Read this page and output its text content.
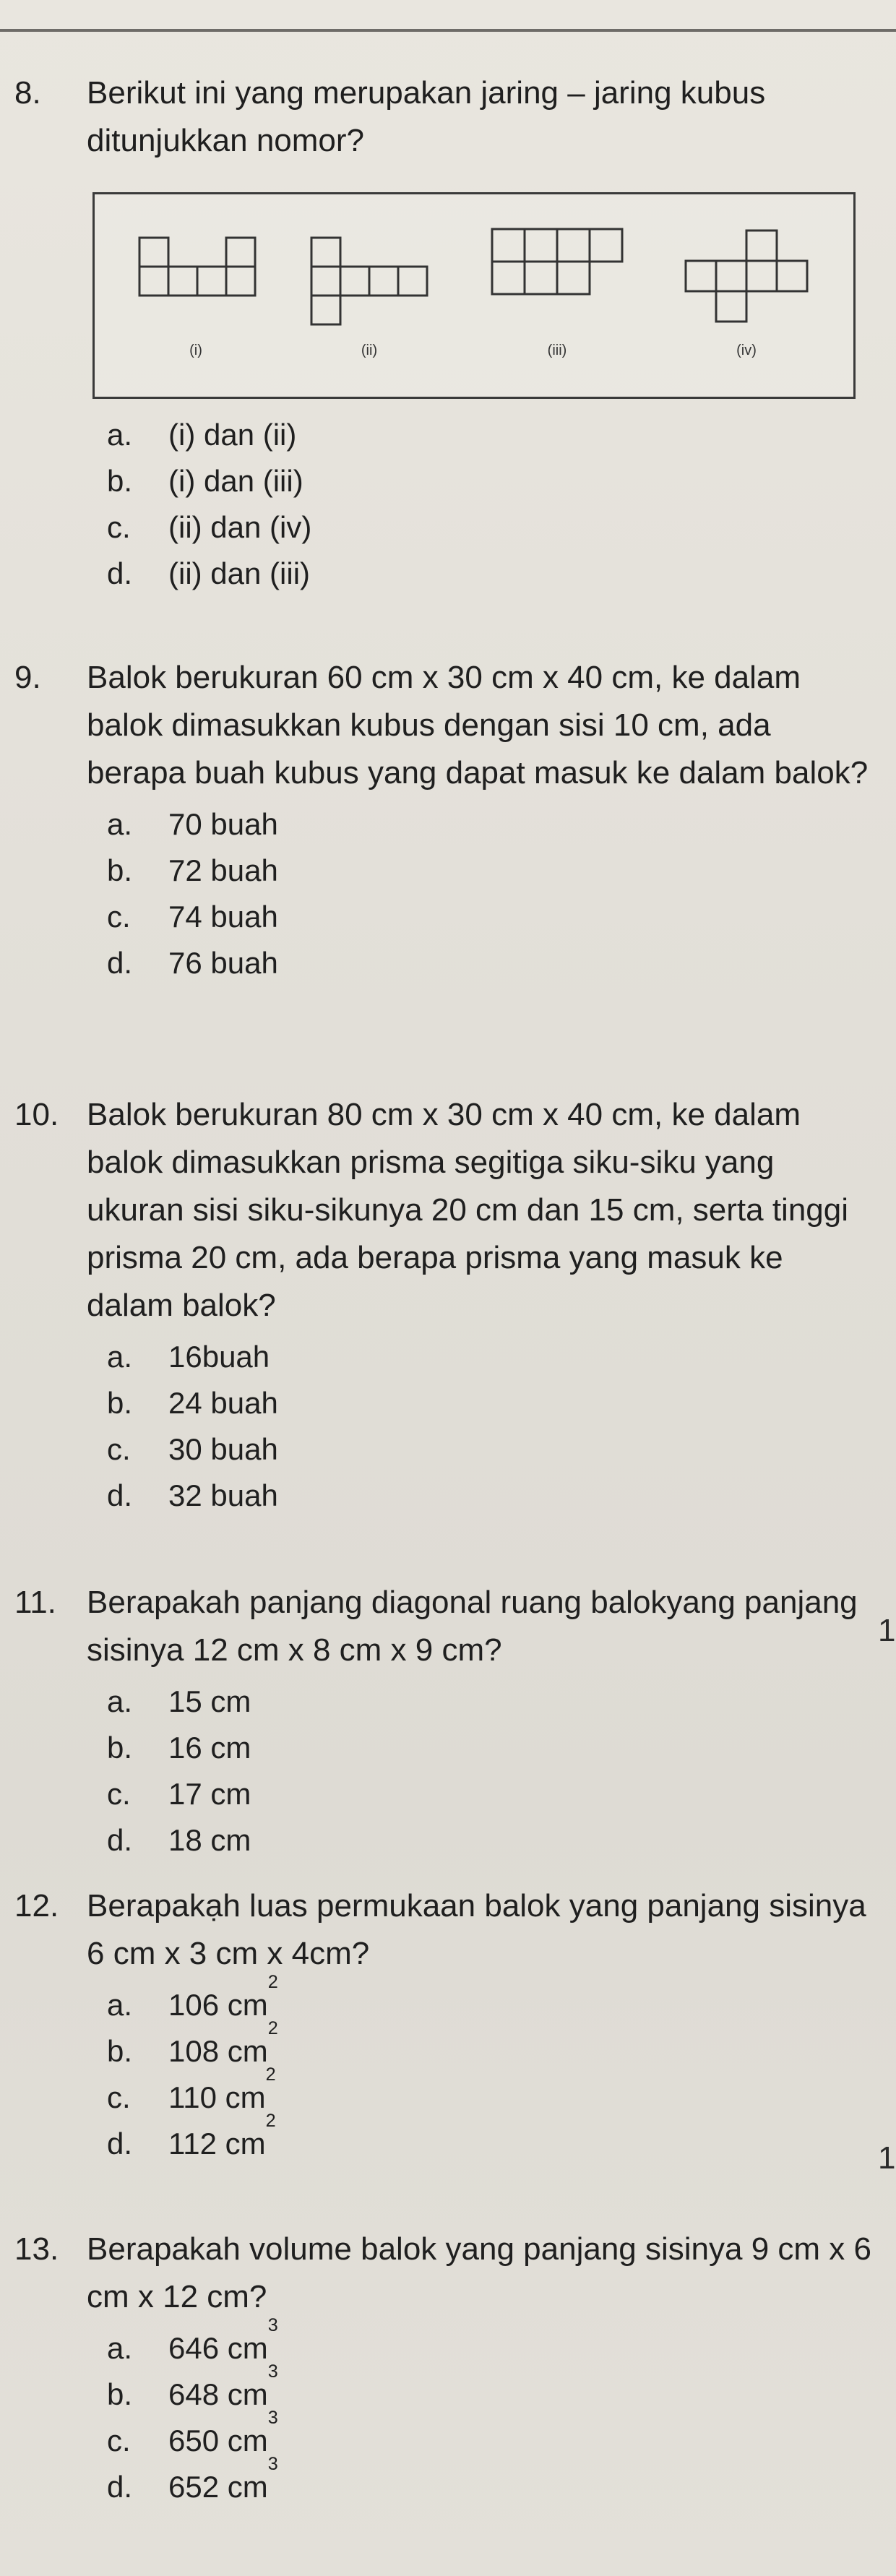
8.	Berikut ini yang merupakan jaring – jaring kubus ditunjukkan nomor?
(i)	(ii)	(iii)	(iv)
a.	(i) dan (ii)
b.	(i) dan (iii)
c.	(ii) dan (iv)
d.	(ii) dan (iii)
9.	Balok berukuran 60 cm x 30 cm x 40 cm, ke dalam balok dimasukkan kubus dengan sisi 10 cm, ada berapa buah kubus yang dapat masuk ke dalam balok?
a.	70 buah
b.	72 buah
c.	74 buah
d.	76 buah
10. Balok berukuran 80 cm x 30 cm x 40 cm, ke dalam balok dimasukkan prisma segitiga siku-siku yang ukuran sisi siku-sikunya 20 cm dan 15 cm, serta tinggi prisma 20 cm, ada berapa prisma yang masuk ke dalam balok?
a.	16buah
b.	24 buah
c.	30 buah
d.	32 buah
11. Berapakah panjang diagonal ruang balokyang panjang sisinya 12 cm x 8 cm x 9 cm?
a.	15 cm
b.	16 cm
c.	17 cm
d.	18 cm
12. Berapakạh luas permukaan balok yang panjang sisinya 6 cm x 3 cm x 4cm?
a.	106
cm
2
b.	108
cm
2
c.	110
cm
2
d.	112
cm
2
13. Berapakah volume balok yang panjang sisinya 9 cm x 6 cm x 12 cm?
a.	646
cm
3
b.	648
cm
3
c.	650
cm
3
d.	652
cm
3
1
1
